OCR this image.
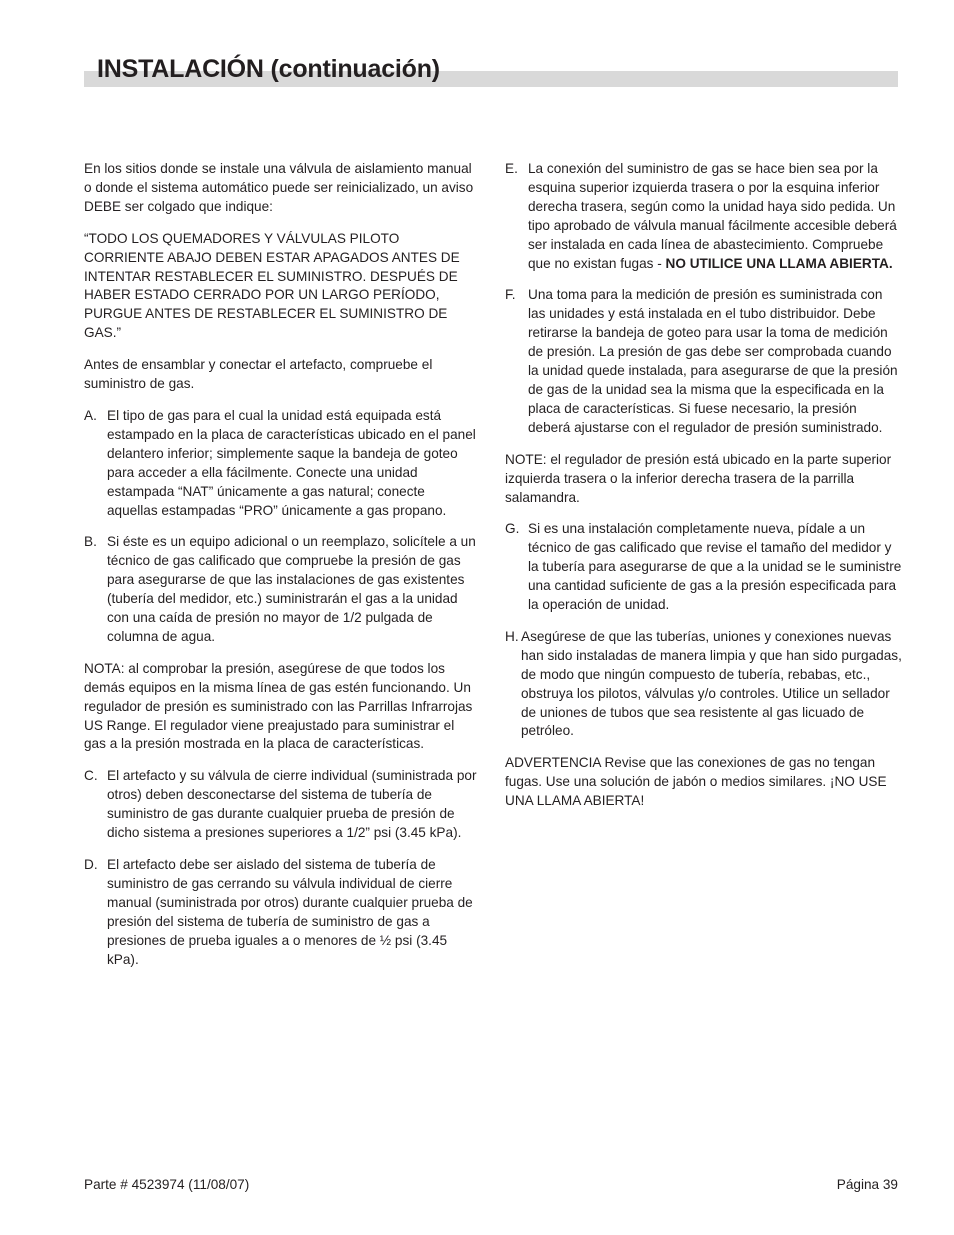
INSTALACIÓN (continuación)

En los sitios donde se instale una válvula de aislamiento manual o donde el sistema automático puede ser reinicializado, un aviso DEBE ser colgado que indique:

“TODO LOS QUEMADORES Y VÁLVULAS PILOTO CORRIENTE ABAJO DEBEN ESTAR APAGADOS ANTES DE INTENTAR RESTABLECER EL SUMINISTRO. DESPUÉS DE HABER ESTADO CERRADO POR UN LARGO PERÍODO, PURGUE ANTES DE RESTABLECER EL SUMINISTRO DE GAS.”

Antes de ensamblar y conectar el artefacto, compruebe el suministro de gas.

A. El tipo de gas para el cual la unidad está equipada está estampado en la placa de características ubicado en el panel delantero inferior; simplemente saque la bandeja de goteo para acceder a ella fácilmente. Conecte una unidad estampada “NAT” únicamente a gas natural; conecte aquellas estampadas “PRO” únicamente a gas propano.
B. Si éste es un equipo adicional o un reemplazo, solicítele a un técnico de gas calificado que compruebe la presión de gas para asegurarse de que las instalaciones de gas existentes (tubería del medidor, etc.) suministrarán el gas a la unidad con una caída de presión no mayor de 1/2 pulgada de columna de agua.

NOTA: al comprobar la presión, asegúrese de que todos los demás equipos en la misma línea de gas estén funcionando. Un regulador de presión es suministrado con las Parrillas Infrarrojas US Range. El regulador viene preajustado para suministrar el gas a la presión mostrada en la placa de características.

C. El artefacto y su válvula de cierre individual (suministrada por otros) deben desconectarse del sistema de tubería de suministro de gas durante cualquier prueba de presión de dicho sistema a presiones superiores a 1/2” psi (3.45 kPa).
D. El artefacto debe ser aislado del sistema de tubería de suministro de gas cerrando su válvula individual de cierre manual (suministrada por otros) durante cualquier prueba de presión del sistema de tubería de suministro de gas a presiones de prueba iguales a o menores de ½ psi (3.45 kPa).
E. La conexión del suministro de gas se hace bien sea por la esquina superior izquierda trasera o por la esquina inferior derecha trasera, según como la unidad haya sido pedida. Un tipo aprobado de válvula manual fácilmente accesible deberá ser instalada en cada línea de abastecimiento. Compruebe que no existan fugas - NO UTILICE UNA LLAMA ABIERTA.
F. Una toma para la medición de presión es suministrada con las unidades y está instalada en el tubo distribuidor. Debe retirarse la bandeja de goteo para usar la toma de medición de presión. La presión de gas debe ser comprobada cuando la unidad quede instalada, para asegurarse de que la presión de gas de la unidad sea la misma que la especificada en la placa de características. Si fuese necesario, la presión deberá ajustarse con el regulador de presión suministrado.

NOTE: el regulador de presión está ubicado en la parte superior izquierda trasera o la inferior derecha trasera de la parrilla salamandra.

G. Si es una instalación completamente nueva, pídale a un técnico de gas calificado que revise el tamaño del medidor y la tubería para asegurarse de que a la unidad se le suministre una cantidad suficiente de gas a la presión especificada para la operación de unidad.
H. Asegúrese de que las tuberías, uniones y conexiones nuevas han sido instaladas de manera limpia y que han sido purgadas, de modo que ningún compuesto de tubería, rebabas, etc., obstruya los pilotos, válvulas y/o controles. Utilice un sellador de uniones de tubos que sea resistente al gas licuado de petróleo.

ADVERTENCIA Revise que las conexiones de gas no tengan fugas. Use una solución de jabón o medios similares. ¡NO USE UNA LLAMA ABIERTA!

Parte # 4523974 (11/08/07)	Página 39
